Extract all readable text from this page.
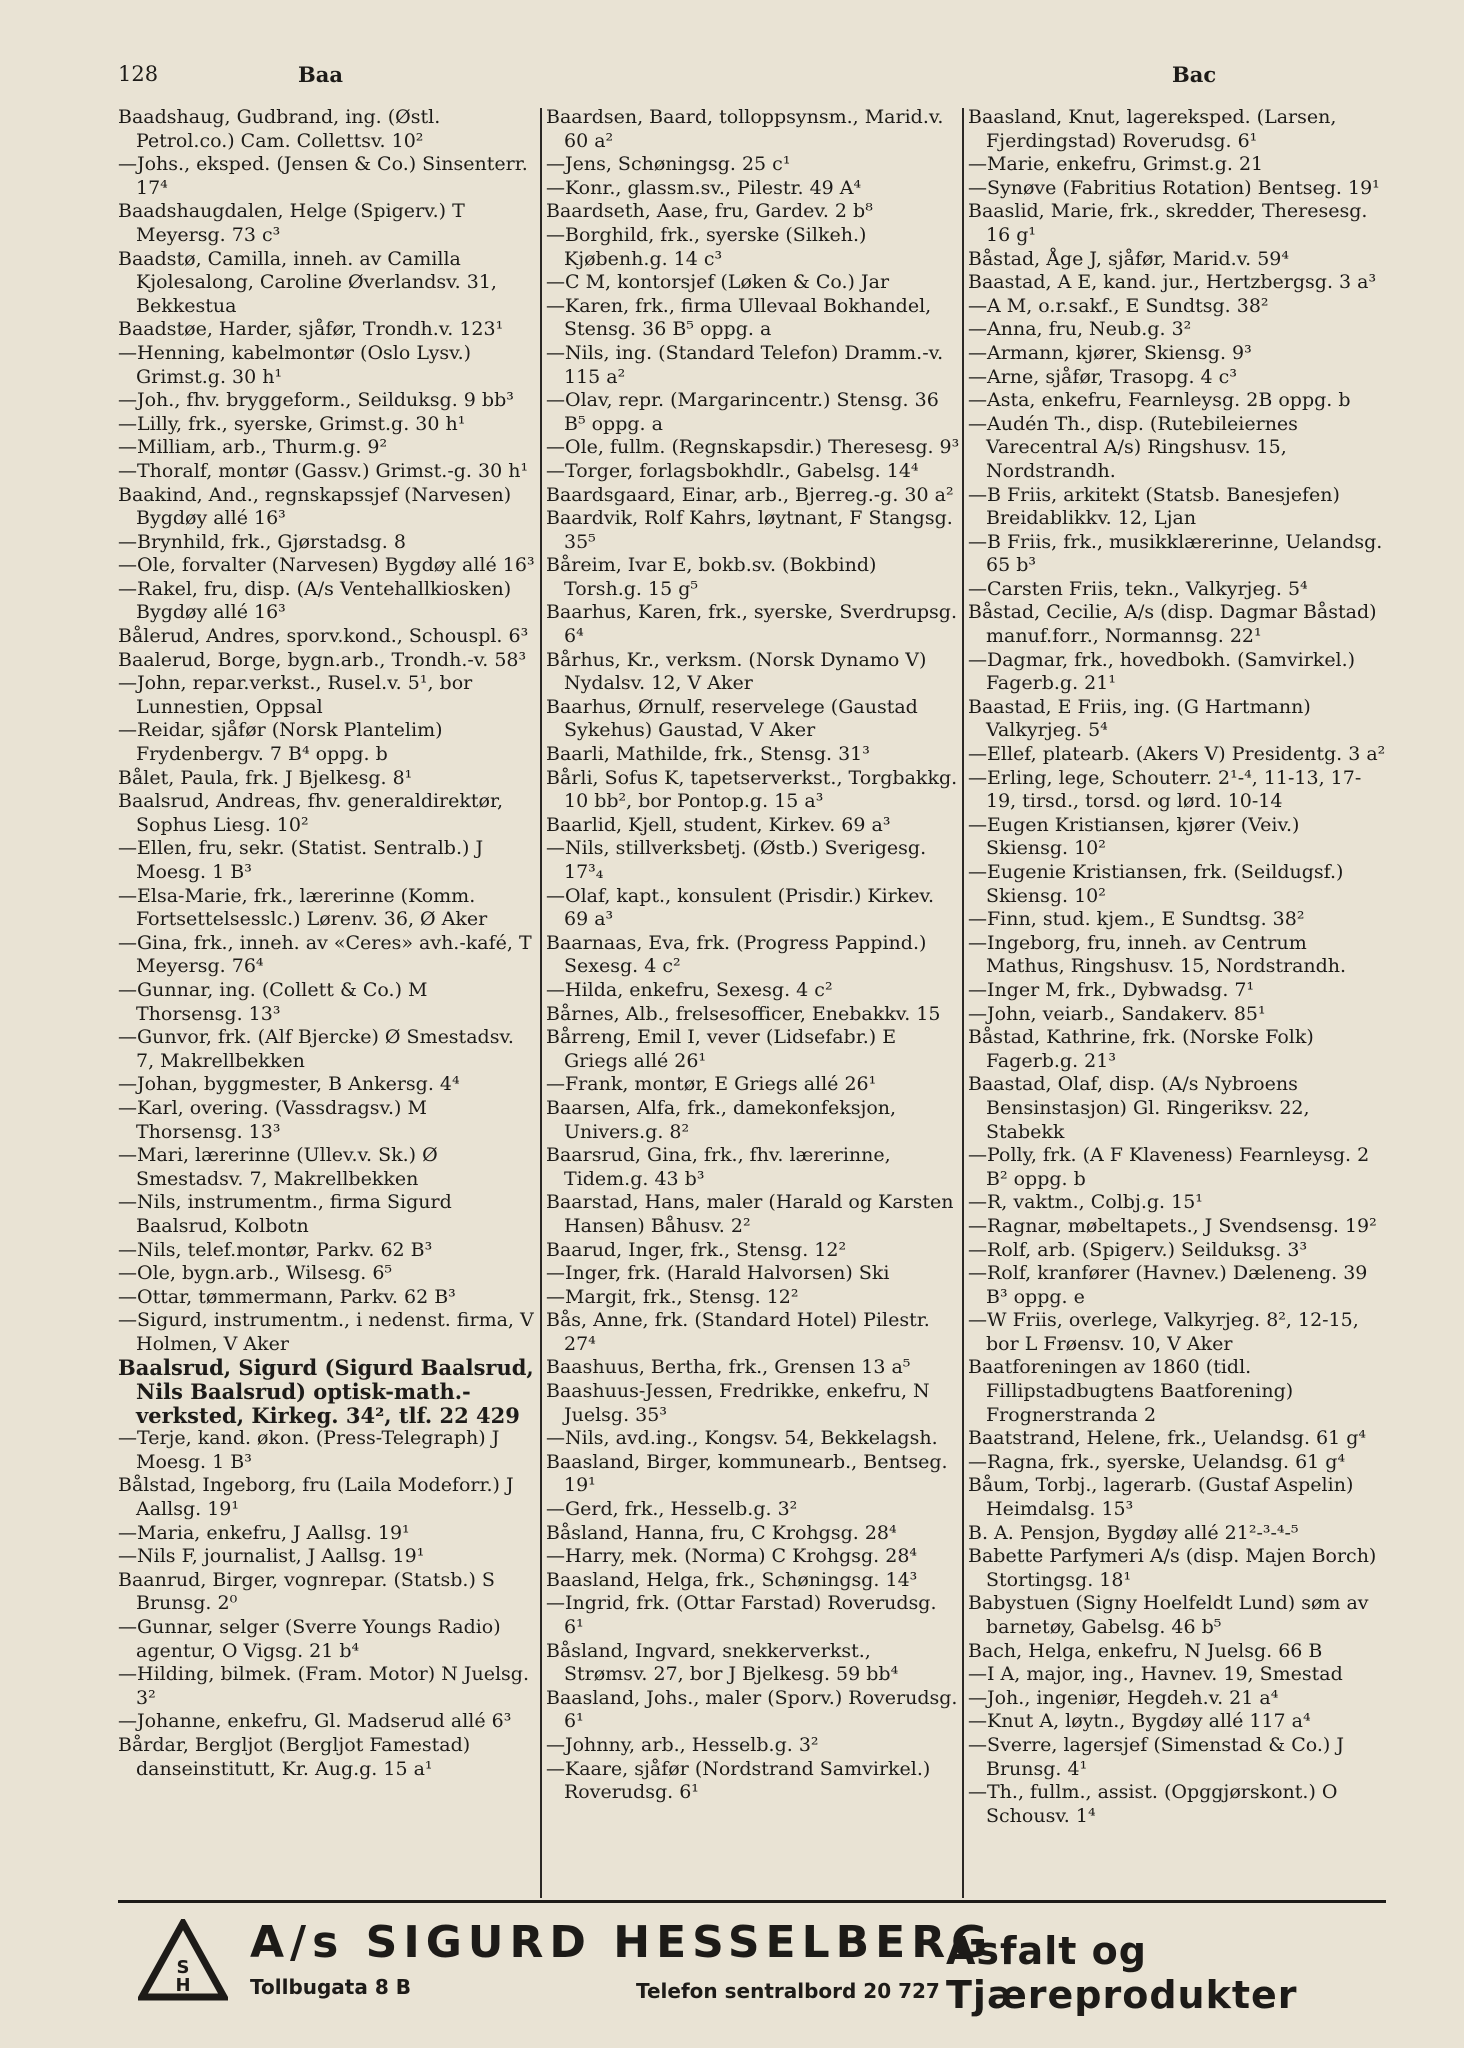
128	Baa	Bac

Baadshaug, Gudbrand, ing. (Østl. Petrol.co.) Cam. Collettsv. 10²

—Johs., eksped. (Jensen & Co.) Sinsenterr. 17⁴

Baadshaugdalen, Helge (Spigerv.) T Meyersg. 73 c³

Baadstø, Camilla, inneh. av Camilla Kjolesalong, Caroline Øverlandsv. 31, Bekkestua

Baadstøe, Harder, sjåfør, Trondh.v. 123¹

—Henning, kabelmontør (Oslo Lysv.) Grimst.g. 30 h¹

—Joh., fhv. bryggeform., Seilduksg. 9 bb³

—Lilly, frk., syerske, Grimst.g. 30 h¹

—Milliam, arb., Thurm.g. 9²

—Thoralf, montør (Gassv.) Grimst.-g. 30 h¹

Baakind, And., regnskapssjef (Narvesen) Bygdøy allé 16³

—Brynhild, frk., Gjørstadsg. 8

—Ole, forvalter (Narvesen) Bygdøy allé 16³

—Rakel, fru, disp. (A/s Ventehallkiosken) Bygdøy allé 16³

Bålerud, Andres, sporv.kond., Schouspl. 6³

Baalerud, Borge, bygn.arb., Trondh.-v. 58³

—John, repar.verkst., Rusel.v. 5¹, bor Lunnestien, Oppsal

—Reidar, sjåfør (Norsk Plantelim) Frydenbergv. 7 B⁴ oppg. b

Bålet, Paula, frk. J Bjelkesg. 8¹

Baalsrud, Andreas, fhv. generaldirektør, Sophus Liesg. 10²

—Ellen, fru, sekr. (Statist. Sentralb.) J Moesg. 1 B³

—Elsa-Marie, frk., lærerinne (Komm. Fortsettelsesslc.) Lørenv. 36, Ø Aker

—Gina, frk., inneh. av «Ceres» avh.-kafé, T Meyersg. 76⁴

—Gunnar, ing. (Collett & Co.) M Thorsensg. 13³

—Gunvor, frk. (Alf Bjercke) Ø Smestadsv. 7, Makrellbekken

—Johan, byggmester, B Ankersg. 4⁴

—Karl, overing. (Vassdragsv.) M Thorsensg. 13³

—Mari, lærerinne (Ullev.v. Sk.) Ø Smestadsv. 7, Makrellbekken

—Nils, instrumentm., firma Sigurd Baalsrud, Kolbotn

—Nils, telef.montør, Parkv. 62 B³

—Ole, bygn.arb., Wilsesg. 6⁵

—Ottar, tømmermann, Parkv. 62 B³

—Sigurd, instrumentm., i nedenst. firma, V Holmen, V Aker

Baalsrud, Sigurd (Sigurd Baalsrud, Nils Baalsrud) optisk-math.-verksted, Kirkeg. 34², tlf. 22 429

—Terje, kand. økon. (Press-Telegraph) J Moesg. 1 B³

Bålstad, Ingeborg, fru (Laila Modeforr.) J Aallsg. 19¹

—Maria, enkefru, J Aallsg. 19¹

—Nils F, journalist, J Aallsg. 19¹

Baanrud, Birger, vognrepar. (Statsb.) S Brunsg. 2⁰

—Gunnar, selger (Sverre Youngs Radio) agentur, O Vigsg. 21 b⁴

—Hilding, bilmek. (Fram. Motor) N Juelsg. 3²

—Johanne, enkefru, Gl. Madserud allé 6³

Bårdar, Bergljot (Bergljot Famestad) danseinstitutt, Kr. Aug.g. 15 a¹

Baardsen, Baard, tolloppsynsm., Marid.v. 60 a²

—Jens, Schøningsg. 25 c¹

—Konr., glassm.sv., Pilestr. 49 A⁴

Baardseth, Aase, fru, Gardev. 2 b⁸

—Borghild, frk., syerske (Silkeh.) Kjøbenh.g. 14 c³

—C M, kontorsjef (Løken & Co.) Jar

—Karen, frk., firma Ullevaal Bokhandel, Stensg. 36 B⁵ oppg. a

—Nils, ing. (Standard Telefon) Dramm.-v. 115 a²

—Olav, repr. (Margarincentr.) Stensg. 36 B⁵ oppg. a

—Ole, fullm. (Regnskapsdir.) Theresesg. 9³

—Torger, forlagsbokhdlr., Gabelsg. 14⁴

Baardsgaard, Einar, arb., Bjerreg.-g. 30 a²

Baardvik, Rolf Kahrs, løytnant, F Stangsg. 35⁵

Båreim, Ivar E, bokb.sv. (Bokbind) Torsh.g. 15 g⁵

Baarhus, Karen, frk., syerske, Sverdrupsg. 6⁴

Bårhus, Kr., verksm. (Norsk Dynamo V) Nydalsv. 12, V Aker

Baarhus, Ørnulf, reservelege (Gaustad Sykehus) Gaustad, V Aker

Baarli, Mathilde, frk., Stensg. 31³

Bårli, Sofus K, tapetserverkst., Torgbakkg. 10 bb², bor Pontop.g. 15 a³

Baarlid, Kjell, student, Kirkev. 69 a³

—Nils, stillverksbetj. (Østb.) Sverigesg. 17³₄

—Olaf, kapt., konsulent (Prisdir.) Kirkev. 69 a³

Baarnaas, Eva, frk. (Progress Pappind.) Sexesg. 4 c²

—Hilda, enkefru, Sexesg. 4 c²

Bårnes, Alb., frelsesofficer, Enebakkv. 15

Bårreng, Emil I, vever (Lidsefabr.) E Griegs allé 26¹

—Frank, montør, E Griegs allé 26¹

Baarsen, Alfa, frk., damekonfeksjon, Univers.g. 8²

Baarsrud, Gina, frk., fhv. lærerinne, Tidem.g. 43 b³

Baarstad, Hans, maler (Harald og Karsten Hansen) Båhusv. 2²

Baarud, Inger, frk., Stensg. 12²

—Inger, frk. (Harald Halvorsen) Ski

—Margit, frk., Stensg. 12²

Bås, Anne, frk. (Standard Hotel) Pilestr. 27⁴

Baashuus, Bertha, frk., Grensen 13 a⁵

Baashuus-Jessen, Fredrikke, enkefru, N Juelsg. 35³

—Nils, avd.ing., Kongsv. 54, Bekkelagsh.

Baasland, Birger, kommunearb., Bentseg. 19¹

—Gerd, frk., Hesselb.g. 3²

Båsland, Hanna, fru, C Krohgsg. 28⁴

—Harry, mek. (Norma) C Krohgsg. 28⁴

Baasland, Helga, frk., Schøningsg. 14³

—Ingrid, frk. (Ottar Farstad) Roverudsg. 6¹

Båsland, Ingvard, snekkerverkst., Strømsv. 27, bor J Bjelkesg. 59 bb⁴

Baasland, Johs., maler (Sporv.) Roverudsg. 6¹

—Johnny, arb., Hesselb.g. 3²

—Kaare, sjåfør (Nordstrand Samvirkel.) Roverudsg. 6¹

Baasland, Knut, lagereksped. (Larsen, Fjerdingstad) Roverudsg. 6¹

—Marie, enkefru, Grimst.g. 21

—Synøve (Fabritius Rotation) Bentseg. 19¹

Baaslid, Marie, frk., skredder, Theresesg. 16 g¹

Båstad, Åge J, sjåfør, Marid.v. 59⁴

Baastad, A E, kand. jur., Hertzbergsg. 3 a³

—A M, o.r.sakf., E Sundtsg. 38²

—Anna, fru, Neub.g. 3²

—Armann, kjører, Skiensg. 9³

—Arne, sjåfør, Trasopg. 4 c³

—Asta, enkefru, Fearnleysg. 2B oppg. b

—Audén Th., disp. (Rutebileiernes Varecentral A/s) Ringshusv. 15, Nordstrandh.

—B Friis, arkitekt (Statsb. Banesjefen) Breidablikkv. 12, Ljan

—B Friis, frk., musikklærerinne, Uelandsg. 65 b³

—Carsten Friis, tekn., Valkyrjeg. 5⁴

Båstad, Cecilie, A/s (disp. Dagmar Båstad) manuf.forr., Normannsg. 22¹

—Dagmar, frk., hovedbokh. (Samvirkel.) Fagerb.g. 21¹

Baastad, E Friis, ing. (G Hartmann) Valkyrjeg. 5⁴

—Ellef, platearb. (Akers V) Presidentg. 3 a²

—Erling, lege, Schouterr. 2¹-⁴, 11-13, 17-19, tirsd., torsd. og lørd. 10-14

—Eugen Kristiansen, kjører (Veiv.) Skiensg. 10²

—Eugenie Kristiansen, frk. (Seildugsf.) Skiensg. 10²

—Finn, stud. kjem., E Sundtsg. 38²

—Ingeborg, fru, inneh. av Centrum Mathus, Ringshusv. 15, Nordstrandh.

—Inger M, frk., Dybwadsg. 7¹

—John, veiarb., Sandakerv. 85¹

Båstad, Kathrine, frk. (Norske Folk) Fagerb.g. 21³

Baastad, Olaf, disp. (A/s Nybroens Bensinstasjon) Gl. Ringeriksv. 22, Stabekk

—Polly, frk. (A F Klaveness) Fearnleysg. 2 B² oppg. b

—R, vaktm., Colbj.g. 15¹

—Ragnar, møbeltapets., J Svendsensg. 19²

—Rolf, arb. (Spigerv.) Seilduksg. 3³

—Rolf, kranfører (Havnev.) Dæleneng. 39 B³ oppg. e

—W Friis, overlege, Valkyrjeg. 8², 12-15, bor L Frøensv. 10, V Aker

Baatforeningen av 1860 (tidl. Fillipstadbugtens Baatforening) Frognerstranda 2

Baatstrand, Helene, frk., Uelandsg. 61 g⁴

—Ragna, frk., syerske, Uelandsg. 61 g⁴

Båum, Torbj., lagerarb. (Gustaf Aspelin) Heimdalsg. 15³

B. A. Pensjon, Bygdøy allé 21²-³-⁴-⁵

Babette Parfymeri A/s (disp. Majen Borch) Stortingsg. 18¹

Babystuen (Signy Hoelfeldt Lund) søm av barnetøy, Gabelsg. 46 b⁵

Bach, Helga, enkefru, N Juelsg. 66 B

—I A, major, ing., Havnev. 19, Smestad

—Joh., ingeniør, Hegdeh.v. 21 a⁴

—Knut A, løytn., Bygdøy allé 117 a⁴

—Sverre, lagersjef (Simenstad & Co.) J Brunsg. 4¹

—Th., fullm., assist. (Opggjørskont.) O Schousv. 1⁴

S
H
A/s SIGURD HESSELBERG
Tollbugata 8 B	Telefon sentralbord 20 727
Asfalt og Tjæreprodukter
